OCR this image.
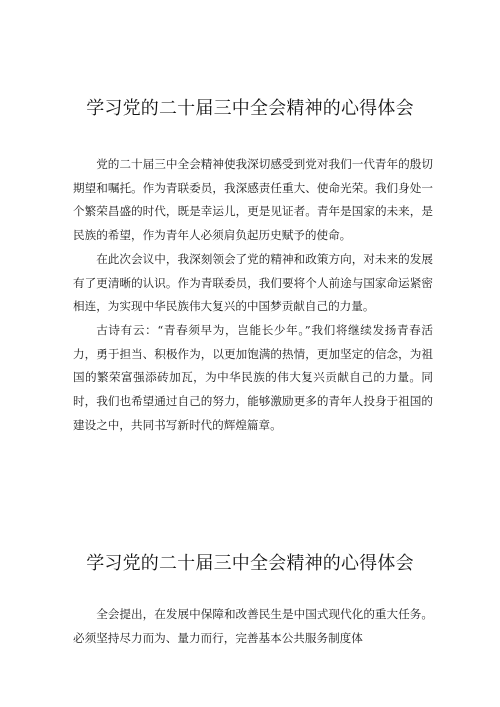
学习党的二十届三中全会精神的心得体会

党的二十届三中全会精神使我深切感受到党对我们一代青年的殷切期望和嘱托。作为青联委员，我深感责任重大、使命光荣。我们身处一个繁荣昌盛的时代，既是幸运儿，更是见证者。青年是国家的未来，是民族的希望，作为青年人必须肩负起历史赋予的使命。

在此次会议中，我深刻领会了党的精神和政策方向，对未来的发展有了更清晰的认识。作为青联委员，我们要将个人前途与国家命运紧密相连，为实现中华民族伟大复兴的中国梦贡献自己的力量。

古诗有云：“青春须早为，岂能长少年。”我们将继续发扬青春活力，勇于担当、积极作为，以更加饱满的热情，更加坚定的信念，为祖国的繁荣富强添砖加瓦，为中华民族的伟大复兴贡献自己的力量。同时，我们也希望通过自己的努力，能够激励更多的青年人投身于祖国的建设之中，共同书写新时代的辉煌篇章。

学习党的二十届三中全会精神的心得体会

全会提出，在发展中保障和改善民生是中国式现代化的重大任务。必须坚持尽力而为、量力而行，完善基本公共服务制度体
